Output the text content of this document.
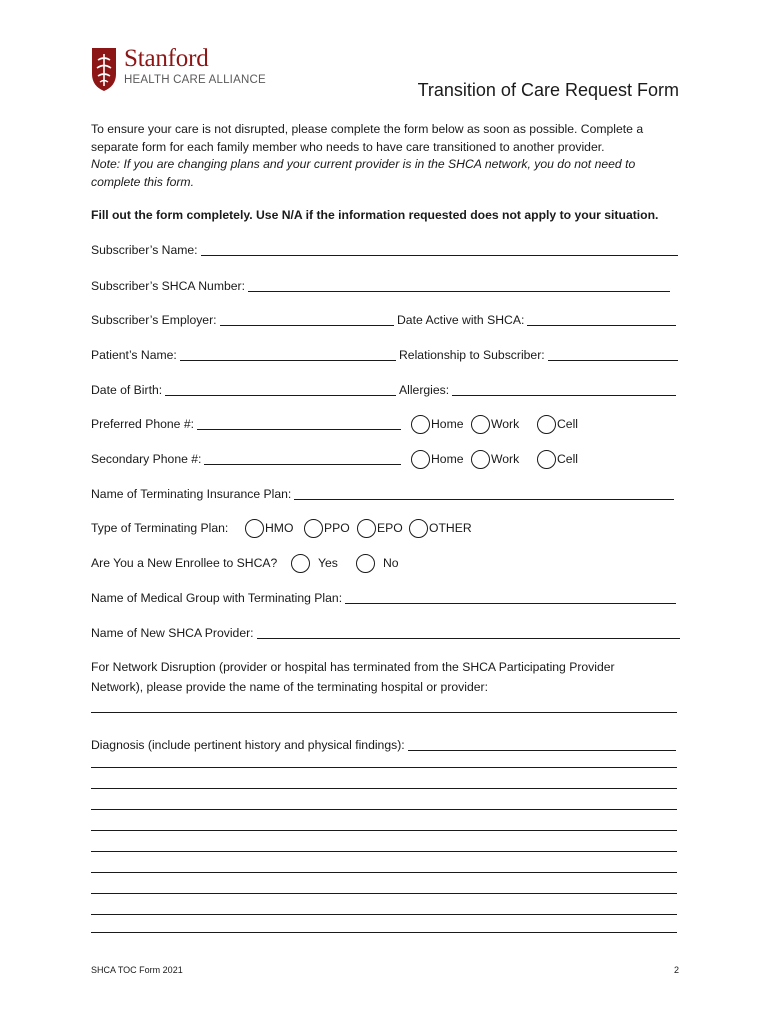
Stanford
HEALTH CARE ALLIANCE	Transition of Care Request Form
To ensure your care is not disrupted, please complete the form below as soon as possible. Complete a
separate form for each family member who needs to have care transitioned to another provider.
Note: If you are changing plans and your current provider is in the SHCA network, you do not need to
complete this form.
Fill out the form completely. Use N/A if the information requested does not apply to your situation.
Subscriber’s Name:
Subscriber’s SHCA Number:
Subscriber’s Employer:	Date Active with SHCA:
Patient’s Name:	Relationship to Subscriber:
Date of Birth:	Allergies:
Preferred Phone #:	Home Work	Cell
Secondary Phone #:	Home Work	Cell
Name of Terminating Insurance Plan:
Type of Terminating Plan:	HMO	PPO EPO OTHER
Are You a New Enrollee to SHCA?	Yes	No
Name of Medical Group with Terminating Plan:
Name of New SHCA Provider:
For Network Disruption (provider or hospital has terminated from the SHCA Participating Provider
Network), please provide the name of the terminating hospital or provider:
Diagnosis (include pertinent history and physical findings):
SHCA TOC Form 2021	2
